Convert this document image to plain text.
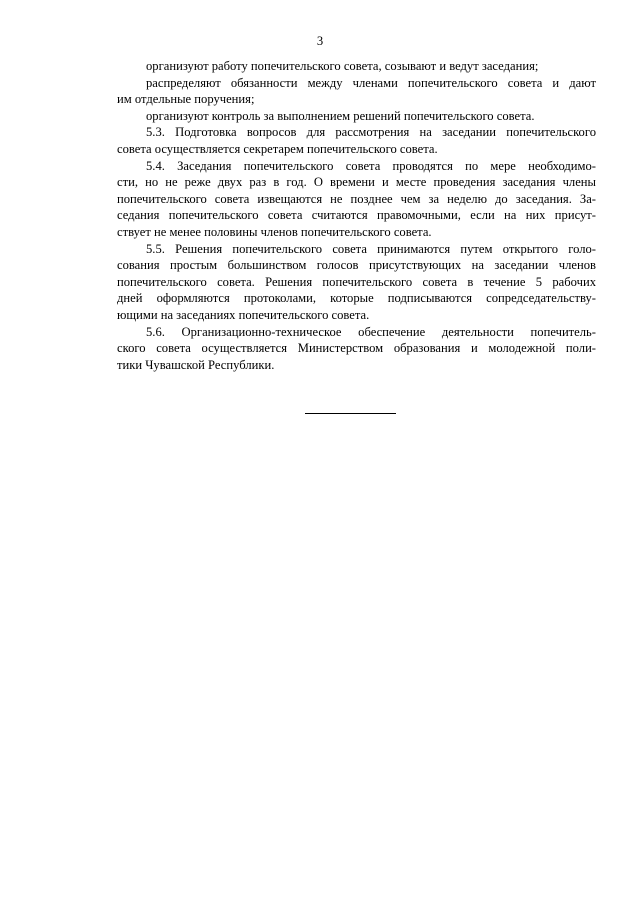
3
организуют работу попечительского совета, созывают и ведут заседания;
распределяют обязанности между членами попечительского совета и дают
им отдельные поручения;
организуют контроль за выполнением решений попечительского совета.
5.3. Подготовка вопросов для рассмотрения на заседании попечительского
совета осуществляется секретарем попечительского совета.
5.4. Заседания попечительского совета проводятся по мере необходимо-
сти, но не реже двух раз в год. О времени и месте проведения заседания члены
попечительского совета извещаются не позднее чем за неделю до заседания. За-
седания попечительского совета считаются правомочными, если на них присут-
ствует не менее половины членов попечительского совета.
5.5. Решения попечительского совета принимаются путем открытого голо-
сования простым большинством голосов присутствующих на заседании членов
попечительского совета. Решения попечительского совета в течение 5 рабочих
дней оформляются протоколами, которые подписываются сопредседательству-
ющими на заседаниях попечительского совета.
5.6. Организационно-техническое обеспечение деятельности попечитель-
ского совета осуществляется Министерством образования и молодежной поли-
тики Чувашской Республики.
